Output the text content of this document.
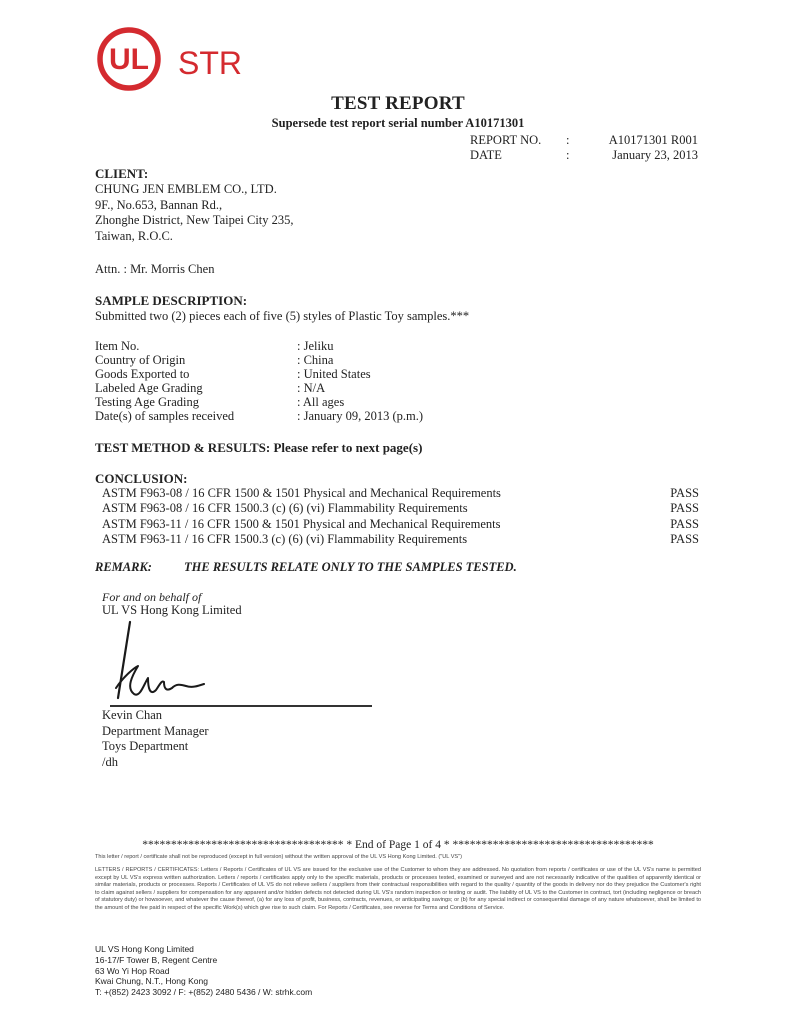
UL STR
TEST REPORT
Supersede test report serial number A10171301
REPORT NO. :	A10171301 R001
DATE	:	January 23, 2013
CLIENT:
CHUNG JEN EMBLEM CO., LTD.
9F., No.653, Bannan Rd.,
Zhonghe District, New Taipei City 235,
Taiwan, R.O.C.
Attn. : Mr. Morris Chen
SAMPLE DESCRIPTION:
Submitted two (2) pieces each of five (5) styles of Plastic Toy samples.***
Item No.	: Jeliku
Country of Origin	: China
Goods Exported to	: United States
Labeled Age Grading	: N/A
Testing Age Grading	: All ages
Date(s) of samples received	: January 09, 2013 (p.m.)
TEST METHOD & RESULTS: Please refer to next page(s)
CONCLUSION:
ASTM F963-08 / 16 CFR 1500 & 1501 Physical and Mechanical Requirements	PASS
ASTM F963-08 / 16 CFR 1500.3 (c) (6) (vi) Flammability Requirements	PASS
ASTM F963-11 / 16 CFR 1500 & 1501 Physical and Mechanical Requirements	PASS
ASTM F963-11 / 16 CFR 1500.3 (c) (6) (vi) Flammability Requirements	PASS
REMARK:	THE RESULTS RELATE ONLY TO THE SAMPLES TESTED.
For and on behalf of
UL VS Hong Kong Limited
Kevin Chan
Department Manager
Toys Department
/dh
*********************************** * End of Page 1 of 4 * ***********************************
This letter / report / certificate shall not be reproduced (except in full version) without the written approval of the UL VS Hong Kong Limited. ("UL VS")
LETTERS / REPORTS / CERTIFICATES: Letters / Reports / Certificates of UL VS are issued for the exclusive use of the Customer to whom they are addressed. No quotation from reports / certificates or use of the UL VS's name is permitted except by UL VS's express written authorization. Letters / reports / certificates apply only to the specific materials, products or processes tested, examined or surveyed and are not necessarily indicative of the qualities of apparently identical or similar materials, products or processes. Reports / Certificates of UL VS do not relieve sellers / suppliers from their contractual responsibilities with regard to the quality / quantity of the goods in delivery nor do they prejudice the Customer's right to claim against sellers / suppliers for compensation for any apparent and/or hidden defects not detected during UL VS's random inspection or testing or audit. The liability of UL VS to the Customer in contract, tort (including negligence or breach of statutory duty) or howsoever, and whatever the cause thereof, (a) for any loss of profit, business, contracts, revenues, or anticipating savings; or (b) for any special indirect or consequential damage of any nature whatsoever, shall be limited to the amount of the fee paid in respect of the specific Work(s) which give rise to such claim. For Reports / Certificates, see reverse for Terms and Conditions of Service.
UL VS Hong Kong Limited
16-17/F Tower B, Regent Centre
63 Wo Yi Hop Road
Kwai Chung, N.T., Hong Kong
T: +(852) 2423 3092 / F: +(852) 2480 5436 / W: strhk.com
